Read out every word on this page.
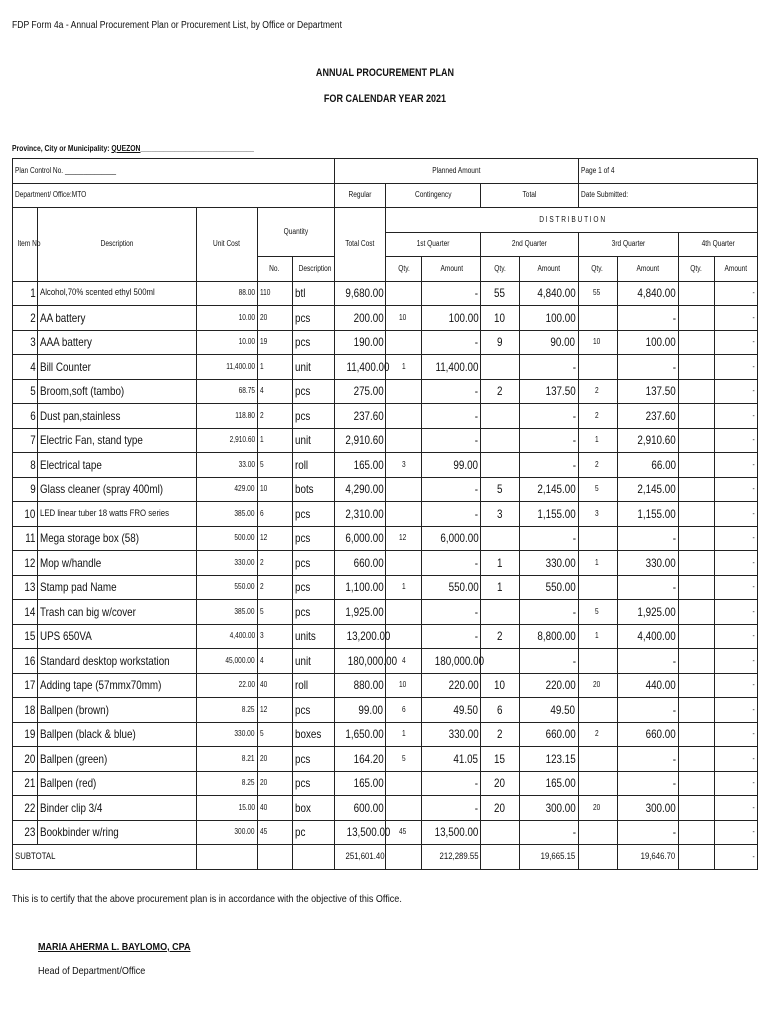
FDP Form 4a - Annual Procurement Plan or Procurement List, by Office or Department
ANNUAL PROCUREMENT PLAN
FOR CALENDAR YEAR 2021
Province, City or Municipality: QUEZON______________________________
Plan Control No. ______________					Planned Amount					Page 1 of 4			
Department/ Office:MTO					Regular	Contingency		Total		Date Submitted:			
Item No	Description	Unit Cost	Quantity		Total Cost	D I S T R I B U T I O N							
						1st Quarter		2nd Quarter		3rd Quarter		4th Quarter	
			No.	Description		Qty.	Amount	Qty.	Amount	Qty.	Amount	Qty.	Amount
1	Alcohol,70% scented ethyl 500ml	88.00	110	btl	9,680.00		-	55	4,840.00	55	4,840.00		-
2	AA battery	10.00	20	pcs	200.00	10	100.00	10	100.00		-		-
3	AAA battery	10.00	19	pcs	190.00		-	9	90.00	10	100.00		-
4	Bill Counter	11,400.00	1	unit	11,400.00	1	11,400.00		-		-		-
5	Broom,soft (tambo)	68.75	4	pcs	275.00		-	2	137.50	2	137.50		-
6	Dust pan,stainless	118.80	2	pcs	237.60		-		-	2	237.60		-
7	Electric Fan, stand type	2,910.60	1	unit	2,910.60		-		-	1	2,910.60		-
8	Electrical tape	33.00	5	roll	165.00	3	99.00		-	2	66.00		-
9	Glass cleaner (spray 400ml)	429.00	10	bots	4,290.00		-	5	2,145.00	5	2,145.00		-
10	LED linear tuber 18 watts FRO series	385.00	6	pcs	2,310.00		-	3	1,155.00	3	1,155.00		-
11	Mega storage box (58)	500.00	12	pcs	6,000.00	12	6,000.00		-		-		-
12	Mop w/handle	330.00	2	pcs	660.00		-	1	330.00	1	330.00		-
13	Stamp pad Name	550.00	2	pcs	1,100.00	1	550.00	1	550.00		-		-
14	Trash can big w/cover	385.00	5	pcs	1,925.00		-		-	5	1,925.00		-
15	UPS 650VA	4,400.00	3	units	13,200.00		-	2	8,800.00	1	4,400.00		-
16	Standard desktop workstation	45,000.00	4	unit	180,000.00	4	180,000.00		-		-		-
17	Adding tape (57mmx70mm)	22.00	40	roll	880.00	10	220.00	10	220.00	20	440.00		-
18	Ballpen (brown)	8.25	12	pcs	99.00	6	49.50	6	49.50		-		-
19	Ballpen (black & blue)	330.00	5	boxes	1,650.00	1	330.00	2	660.00	2	660.00		-
20	Ballpen (green)	8.21	20	pcs	164.20	5	41.05	15	123.15		-		-
21	Ballpen (red)	8.25	20	pcs	165.00		-	20	165.00		-		-
22	Binder clip 3/4	15.00	40	box	600.00		-	20	300.00	20	300.00		-
23	Bookbinder w/ring	300.00	45	pc	13,500.00	45	13,500.00		-		-		-
SUBTOTAL					251,601.40		212,289.55		19,665.15		19,646.70		-
This is to certify that the above procurement plan is in accordance with the objective of this Office.
MARIA AHERMA L. BAYLOMO, CPA
Head of Department/Office
